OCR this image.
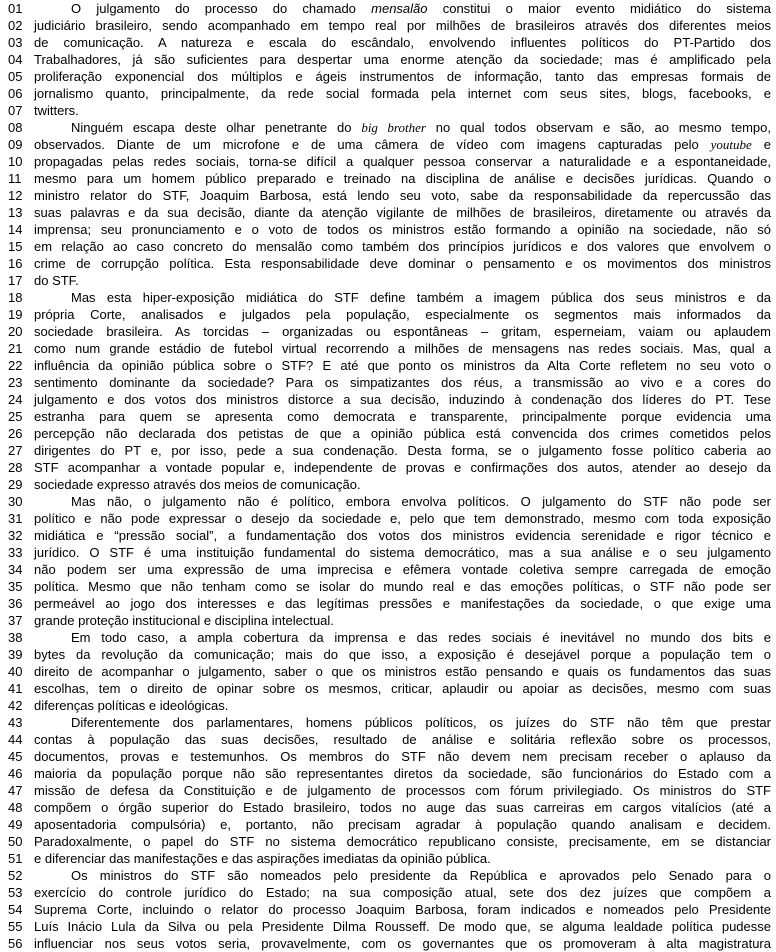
01	O julgamento do processo do chamado mensalão constitui o maior evento midiático do sistema
02 judiciário brasileiro, sendo acompanhado em tempo real por milhões de brasileiros através dos diferentes meios
03 de comunicação. A natureza e escala do escândalo, envolvendo influentes políticos do PT-Partido dos
04 Trabalhadores, já são suficientes para despertar uma enorme atenção da sociedade; mas é amplificado pela
05 proliferação exponencial dos múltiplos e ágeis instrumentos de informação, tanto das empresas formais de
06 jornalismo quanto, principalmente, da rede social formada pela internet com seus sites, blogs, facebooks, e
07 twitters.
08	Ninguém escapa deste olhar penetrante do big brother no qual todos observam e são, ao mesmo tempo,
09 observados. Diante de um microfone e de uma câmera de vídeo com imagens capturadas pelo youtube e
10 propagadas pelas redes sociais, torna-se difícil a qualquer pessoa conservar a naturalidade e a espontaneidade,
11 mesmo para um homem público preparado e treinado na disciplina de análise e decisões jurídicas. Quando o
12 ministro relator do STF, Joaquim Barbosa, está lendo seu voto, sabe da responsabilidade da repercussão das
13 suas palavras e da sua decisão, diante da atenção vigilante de milhões de brasileiros, diretamente ou através da
14 imprensa; seu pronunciamento e o voto de todos os ministros estão formando a opinião na sociedade, não só
15 em relação ao caso concreto do mensalão como também dos princípios jurídicos e dos valores que envolvem o
16 crime de corrupção política. Esta responsabilidade deve dominar o pensamento e os movimentos dos ministros
17 do STF.
18	Mas esta hiper-exposição midiática do STF define também a imagem pública dos seus ministros e da
19 própria Corte, analisados e julgados pela população, especialmente os segmentos mais informados da
20 sociedade brasileira. As torcidas – organizadas ou espontâneas – gritam, esperneiam, vaiam ou aplaudem
21 como num grande estádio de futebol virtual recorrendo a milhões de mensagens nas redes sociais. Mas, qual a
22 influência da opinião pública sobre o STF? E até que ponto os ministros da Alta Corte refletem no seu voto o
23 sentimento dominante da sociedade? Para os simpatizantes dos réus, a transmissão ao vivo e a cores do
24 julgamento e dos votos dos ministros distorce a sua decisão, induzindo à condenação dos líderes do PT. Tese
25 estranha para quem se apresenta como democrata e transparente, principalmente porque evidencia uma
26 percepção não declarada dos petistas de que a opinião pública está convencida dos crimes cometidos pelos
27 dirigentes do PT e, por isso, pede a sua condenação. Desta forma, se o julgamento fosse político caberia ao
28 STF acompanhar a vontade popular e, independente de provas e confirmações dos autos, atender ao desejo da
29 sociedade expresso através dos meios de comunicação.
30	Mas não, o julgamento não é político, embora envolva políticos. O julgamento do STF não pode ser
31 político e não pode expressar o desejo da sociedade e, pelo que tem demonstrado, mesmo com toda exposição
32 midiática e “pressão social”, a fundamentação dos votos dos ministros evidencia serenidade e rigor técnico e
33 jurídico. O STF é uma instituição fundamental do sistema democrático, mas a sua análise e o seu julgamento
34 não podem ser uma expressão de uma imprecisa e efêmera vontade coletiva sempre carregada de emoção
35 política. Mesmo que não tenham como se isolar do mundo real e das emoções políticas, o STF não pode ser
36 permeável ao jogo dos interesses e das legítimas pressões e manifestações da sociedade, o que exige uma
37 grande proteção institucional e disciplina intelectual.
38	Em todo caso, a ampla cobertura da imprensa e das redes sociais é inevitável no mundo dos bits e
39 bytes da revolução da comunicação; mais do que isso, a exposição é desejável porque a população tem o
40 direito de acompanhar o julgamento, saber o que os ministros estão pensando e quais os fundamentos das suas
41 escolhas, tem o direito de opinar sobre os mesmos, criticar, aplaudir ou apoiar as decisões, mesmo com suas
42 diferenças políticas e ideológicas.
43	Diferentemente dos parlamentares, homens públicos políticos, os juízes do STF não têm que prestar
44 contas à população das suas decisões, resultado de análise e solitária reflexão sobre os processos,
45 documentos, provas e testemunhos. Os membros do STF não devem nem precisam receber o aplauso da
46 maioria da população porque não são representantes diretos da sociedade, são funcionários do Estado com a
47 missão de defesa da Constituição e de julgamento de processos com fórum privilegiado. Os ministros do STF
48 compõem o órgão superior do Estado brasileiro, todos no auge das suas carreiras em cargos vitalícios (até a
49 aposentadoria compulsória) e, portanto, não precisam agradar à população quando analisam e decidem.
50 Paradoxalmente, o papel do STF no sistema democrático republicano consiste, precisamente, em se distanciar
51 e diferenciar das manifestações e das aspirações imediatas da opinião pública.
52	Os ministros do STF são nomeados pelo presidente da República e aprovados pelo Senado para o
53 exercício do controle jurídico do Estado; na sua composição atual, sete dos dez juízes que compõem a
54 Suprema Corte, incluindo o relator do processo Joaquim Barbosa, foram indicados e nomeados pelo Presidente
55 Luís Inácio Lula da Silva ou pela Presidente Dilma Rousseff. De modo que, se alguma lealdade política pudesse
56 influenciar nos seus votos seria, provavelmente, com os governantes que os promoveram à alta magistratura
